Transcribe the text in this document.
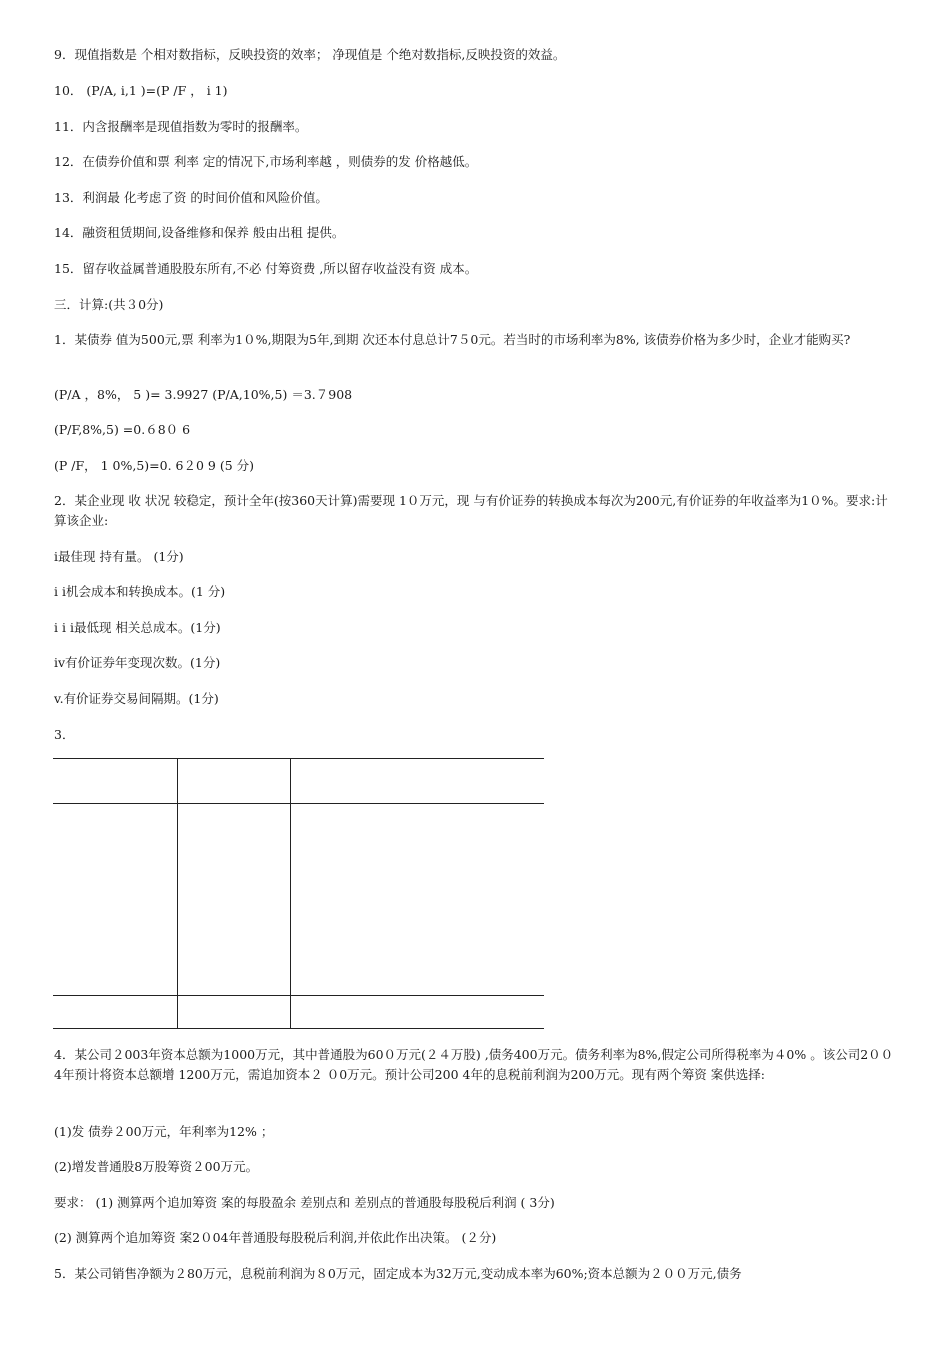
9．现值指数是 个相对数指标，反映投资的效率； 净现值是 个绝对数指标,反映投资的效益。
10． (P/A, i,1 )=(P /F ， i 1)
11．内含报酬率是现值指数为零时的报酬率。
12．在债券价值和票 利率 定的情况下,市场利率越 ，则债券的发 价格越低。
13．利润最 化考虑了资 的时间价值和风险价值。
14．融资租赁期间,设备维修和保养 般由出租 提供。
15．留存收益属普通股股东所有,不必 付筹资费 ,所以留存收益没有资 成本。
三．计算:(共３0分)
1．某债券 值为500元,票 利率为1０%,期限为5年,到期 次还本付息总计7５0元。若当时的市场利率为8%, 该债券价格为多少时，企业才能购买?
(P/A ，8%， 5 )= 3.9927 (P/A,10%,5) ＝3.７908
(P/F,8%,5) =0.６8０ 6
(P /F， 1 0%,5)=0. 6２0 9 (5 分)
2．某企业现 收 状况 较稳定，预计全年(按360天计算)需要现 1０万元，现 与有价证券的转换成本每次为200元,有价证券的年收益率为1０%。要求:计算该企业:
i最佳现 持有量。 (1分)
i i机会成本和转换成本。(1 分)
i i i最低现 相关总成本。(1分)
iv有价证券年变现次数。(1分)
v.有价证券交易间隔期。(1分)
3．
4．某公司２003年资本总额为1000万元，其中普通股为60０万元(２４万股) ,债务400万元。债务利率为8%,假定公司所得税率为４0% 。该公司2００4年预计将资本总额增 1200万元，需追加资本２ ０0万元。预计公司200 4年的息税前利润为200万元。现有两个筹资 案供选择:
(1)发 债券２00万元，年利率为12% ；
(2)增发普通股8万股筹资２00万元。
要求： (1) 测算两个追加筹资 案的每股盈余 差别点和 差别点的普通股每股税后利润 ( 3分)
(2) 测算两个追加筹资 案2０04年普通股每股税后利润,并依此作出决策。 (２分)
5．某公司销售净额为２80万元，息税前利润为８0万元，固定成本为32万元,变动成本率为60%;资本总额为２００万元,债务
